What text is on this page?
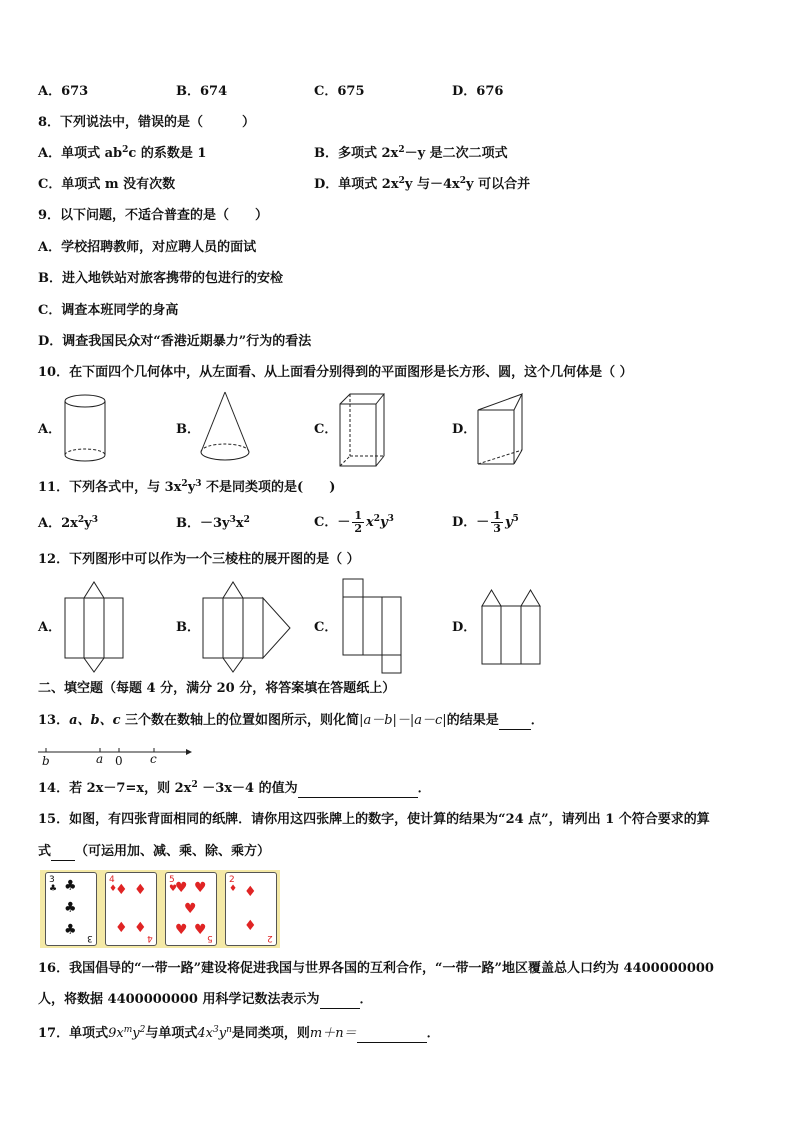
A．673	B．674	C．675	D．676
8．下列说法中，错误的是（　　　）
A．单项式 $ab^2c$ 的系数是 1	B．多项式 $2x^2-y$ 是二次二项式
C．单项式 m 没有次数	D．单项式 $2x^2y$ 与$-4x^2y$ 可以合并
9．以下问题，不适合普查的是（　　）
A．学校招聘教师，对应聘人员的面试
B．进入地铁站对旅客携带的包进行的安检
C．调查本班同学的身高
D．调查我国民众对“香港近期暴力”行为的看法
10．在下面四个几何体中，从左面看、从上面看分别得到的平面图形是长方形、圆，这个几何体是（ ）
A．	B．	C．	D．
11．下列各式中，与 $3x^2y^3$ 不是同类项的是(　　)
A．$2x^2y^3$	B．$-3y^3x^2$	C．－ $\frac{1}{2} x^2y^3$	D．－ $\frac{1}{3} y^5$
12．下列图形中可以作为一个三棱柱的展开图的是（ ）
A．	B．	C．	D．
二、填空题（每题 4 分，满分 20 分，将答案填在答题纸上）
13．a、b、c 三个数在数轴上的位置如图所示，则化简|a－b|－|a－c|的结果是 ．
b	a 0 c
14．若 2x－7=x，则 $2x^2 -3x-4$ 的值为	．
15．如图，有四张背面相同的纸牌．请你用这四张牌上的数字，使计算的结果为“24 点”，请列出 1 个符合要求的算
式 （可运用加、减、乘、除、乘方）
3
♣ ♣
♣
♣ 3
4
♦
♦ ♦
♦ ♦
4
5
♥
♥ ♥
♥
♥ ♥ 5
2
♦ ♦
♦
2
16．我国倡导的“一带一路”建设将促进我国与世界各国的互利合作，“一带一路”地区覆盖总人口约为 4400000000
人，将数据 4400000000 用科学记数法表示为	．
17．单项式$9x^my^2$与单项式$4x^3y^n$是同类项，则m＋n＝	．
